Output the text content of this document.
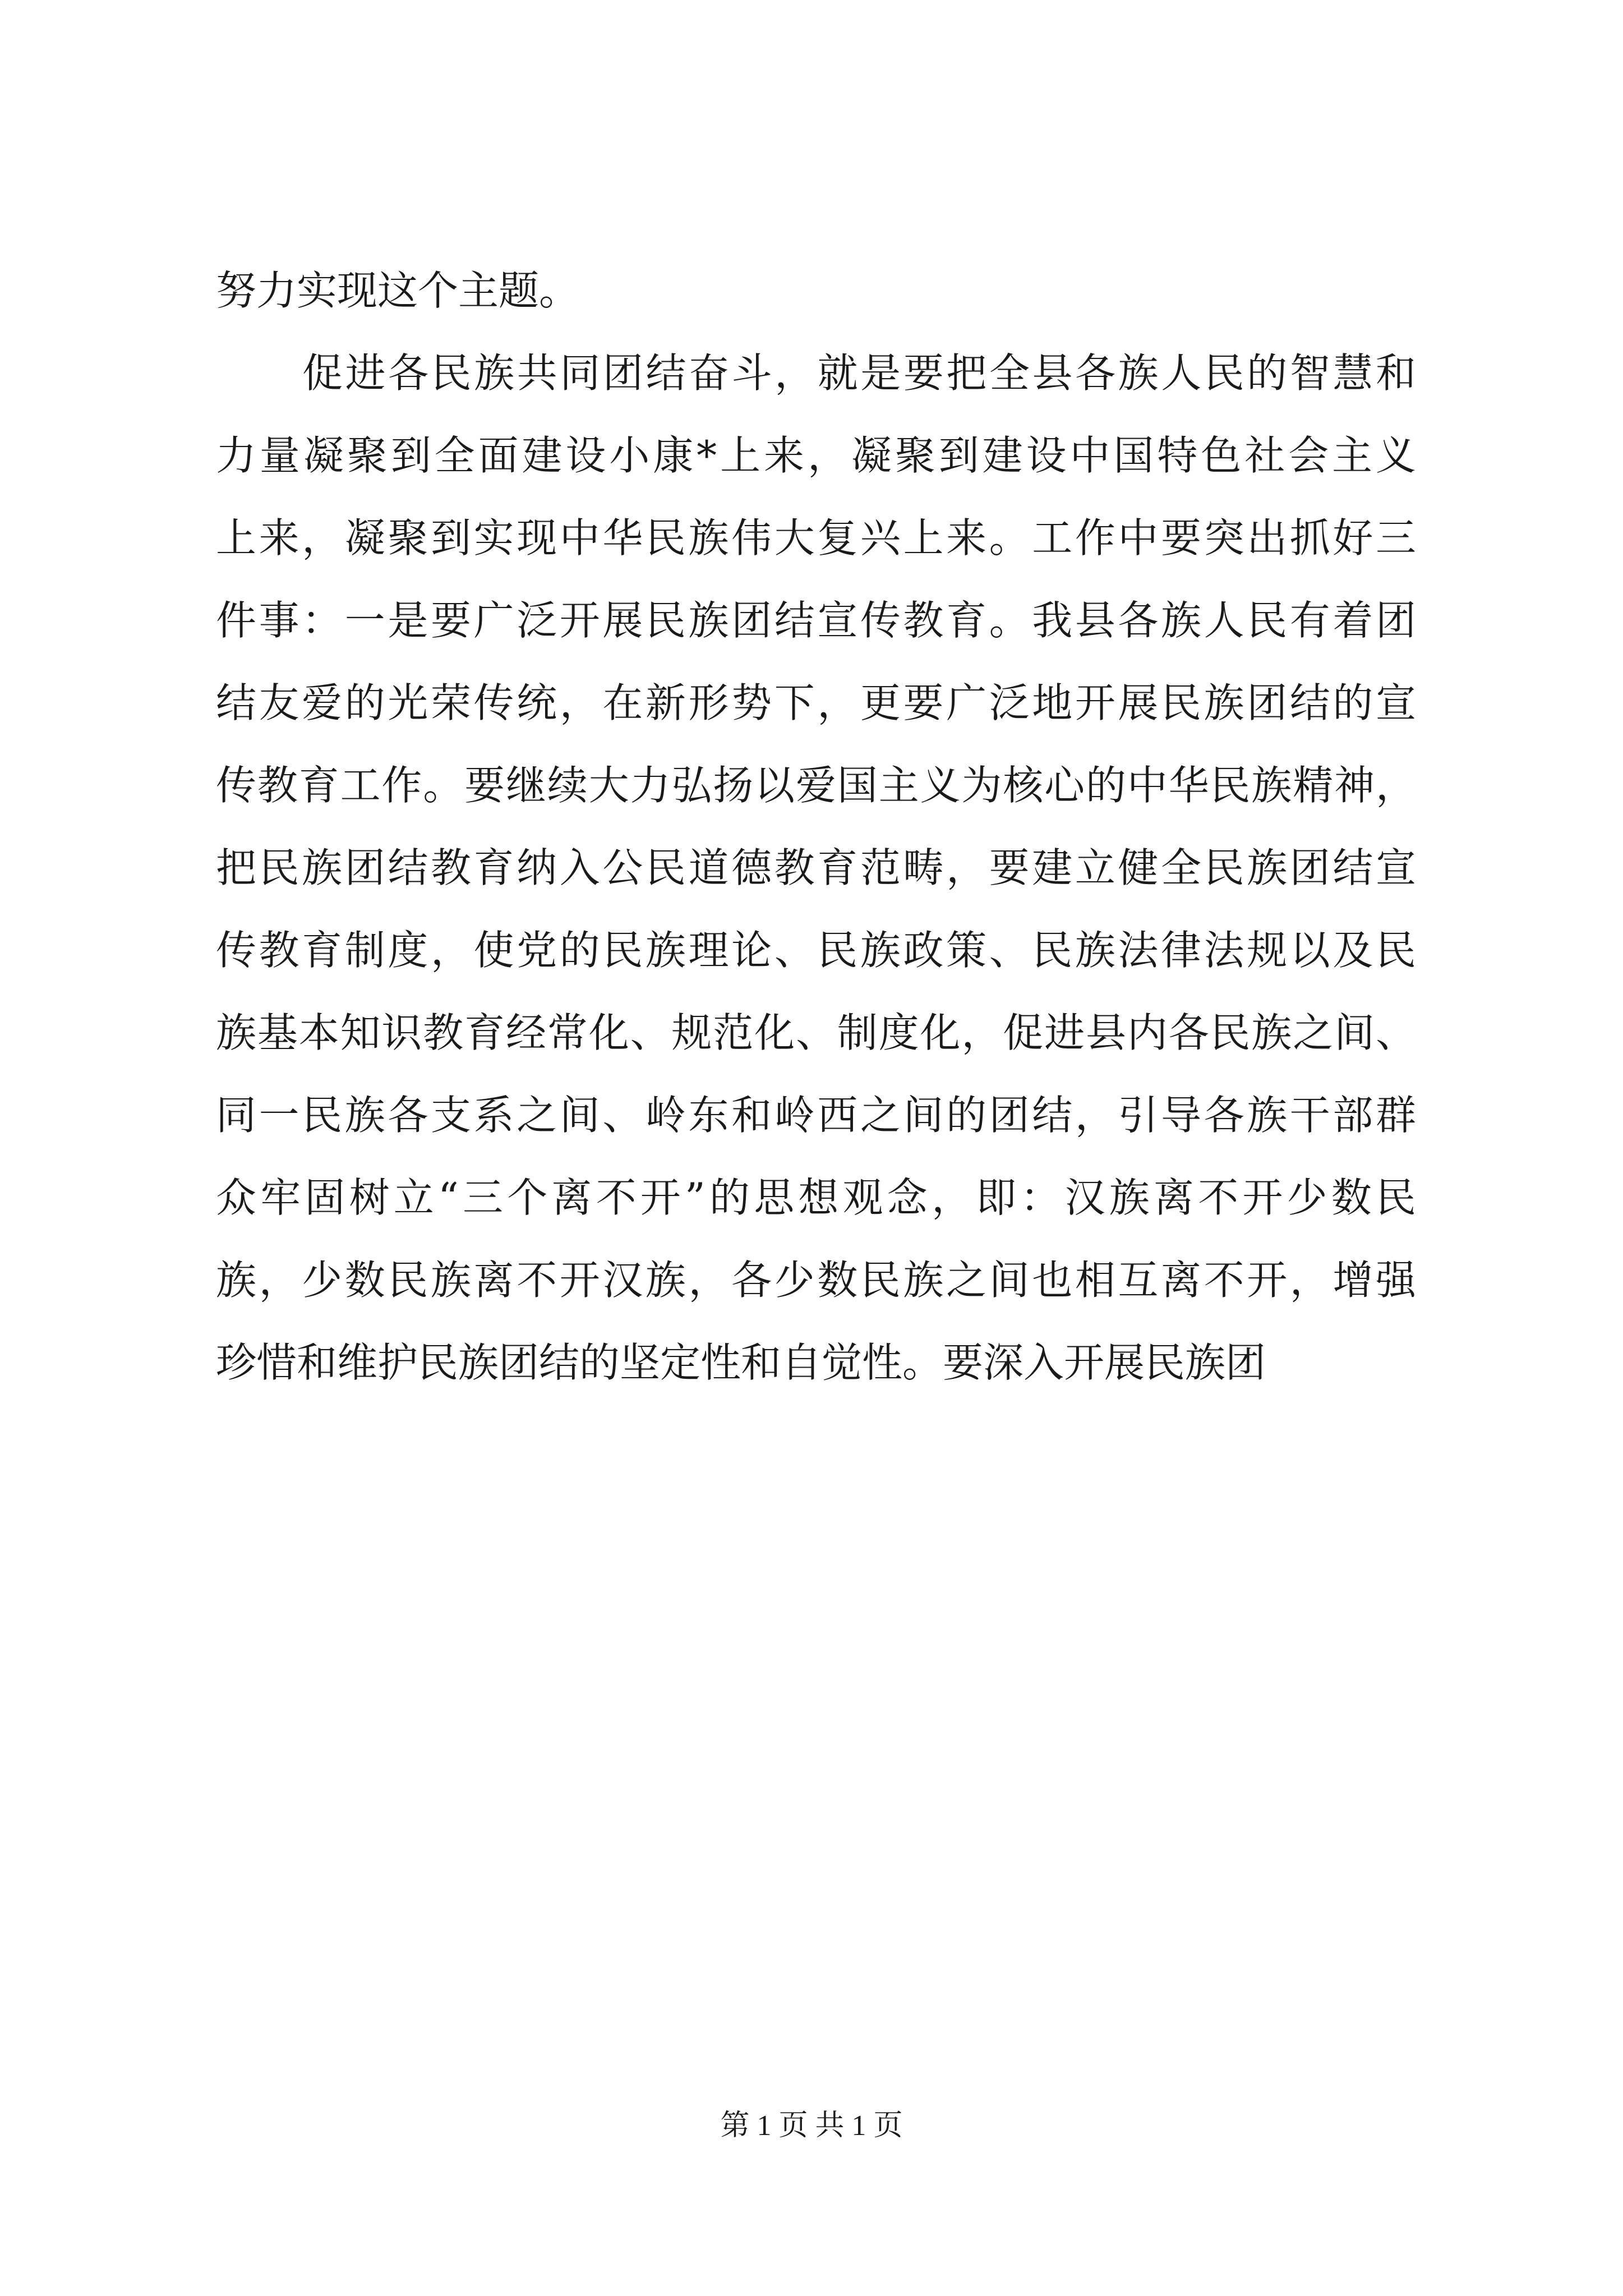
努力实现这个主题。
促进各民族共同团结奋斗，就是要把全县各族人民的智慧和
力量凝聚到全面建设小康*上来，凝聚到建设中国特色社会主义
上来，凝聚到实现中华民族伟大复兴上来。工作中要突出抓好三
件事：一是要广泛开展民族团结宣传教育。我县各族人民有着团
结友爱的光荣传统，在新形势下，更要广泛地开展民族团结的宣
传教育工作。要继续大力弘扬以爱国主义为核心的中华民族精神，
把民族团结教育纳入公民道德教育范畴，要建立健全民族团结宣
传教育制度，使党的民族理论、民族政策、民族法律法规以及民
族基本知识教育经常化、规范化、制度化，促进县内各民族之间、
同一民族各支系之间、岭东和岭西之间的团结，引导各族干部群
众牢固树立“三个离不开”的思想观念，即：汉族离不开少数民
族，少数民族离不开汉族，各少数民族之间也相互离不开，增强
珍惜和维护民族团结的坚定性和自觉性。要深入开展民族团
第 1 页 共 1 页
